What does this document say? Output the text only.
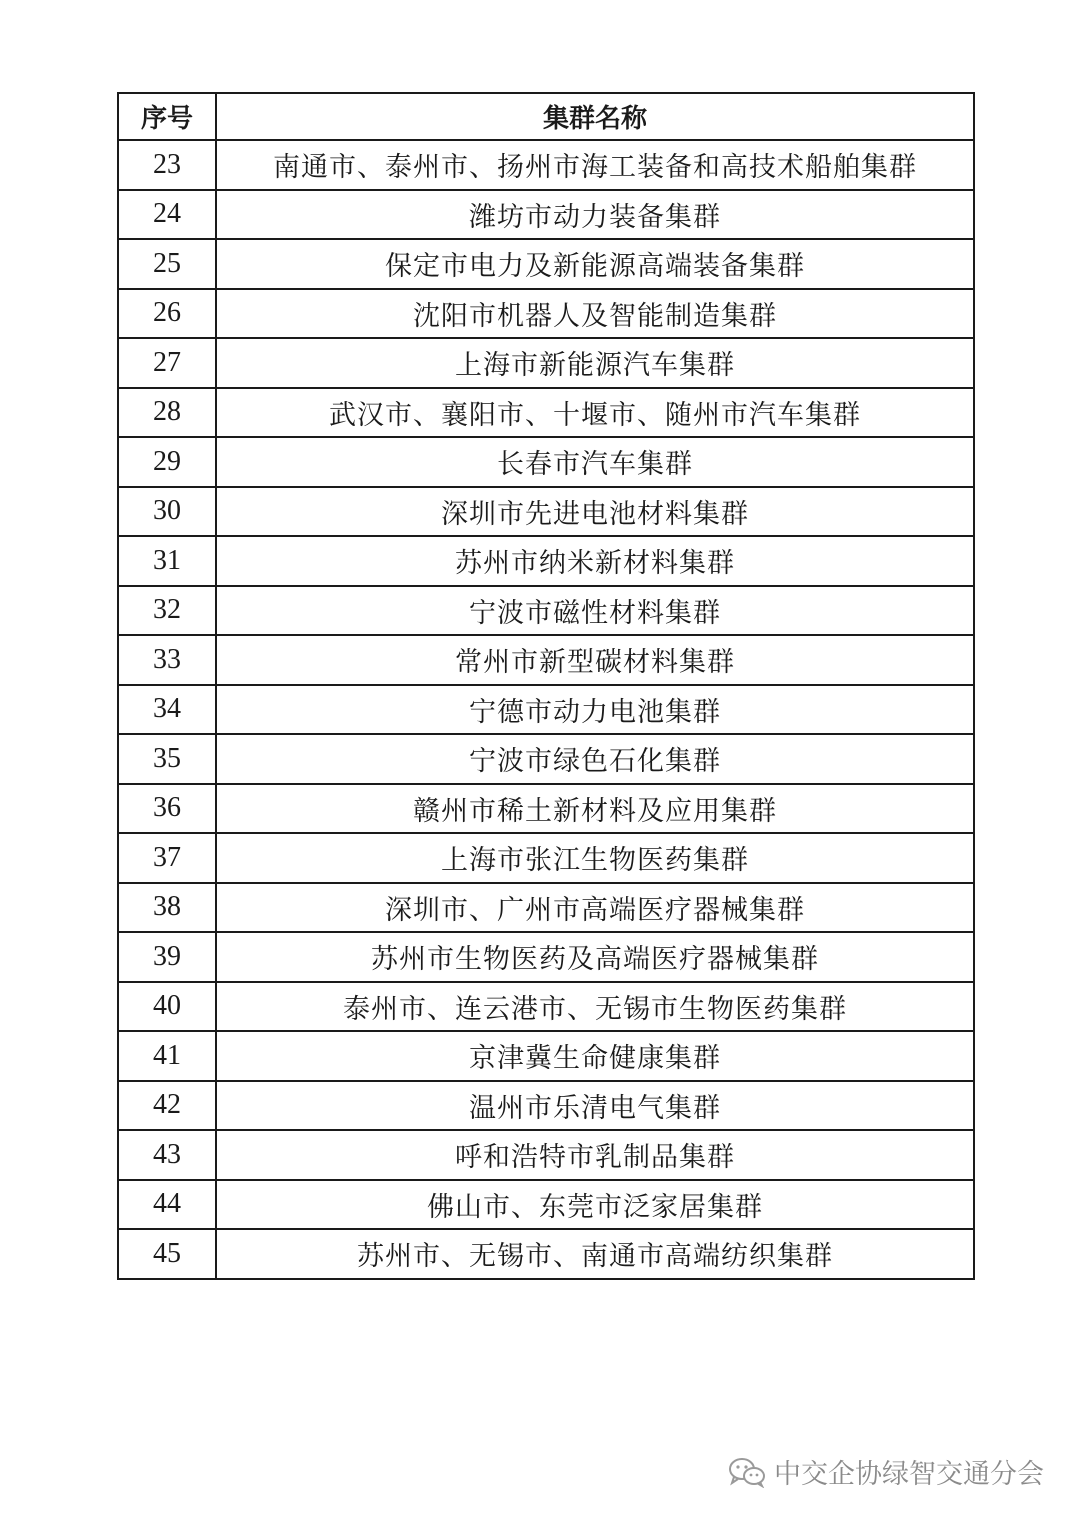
序号	集群名称
23	南通市、泰州市、扬州市海工装备和高技术船舶集群
24	潍坊市动力装备集群
25	保定市电力及新能源高端装备集群
26	沈阳市机器人及智能制造集群
27	上海市新能源汽车集群
28	武汉市、襄阳市、十堰市、随州市汽车集群
29	长春市汽车集群
30	深圳市先进电池材料集群
31	苏州市纳米新材料集群
32	宁波市磁性材料集群
33	常州市新型碳材料集群
34	宁德市动力电池集群
35	宁波市绿色石化集群
36	赣州市稀土新材料及应用集群
37	上海市张江生物医药集群
38	深圳市、广州市高端医疗器械集群
39	苏州市生物医药及高端医疗器械集群
40	泰州市、连云港市、无锡市生物医药集群
41	京津冀生命健康集群
42	温州市乐清电气集群
43	呼和浩特市乳制品集群
44	佛山市、东莞市泛家居集群
45	苏州市、无锡市、南通市高端纺织集群
中交企协绿智交通分会
